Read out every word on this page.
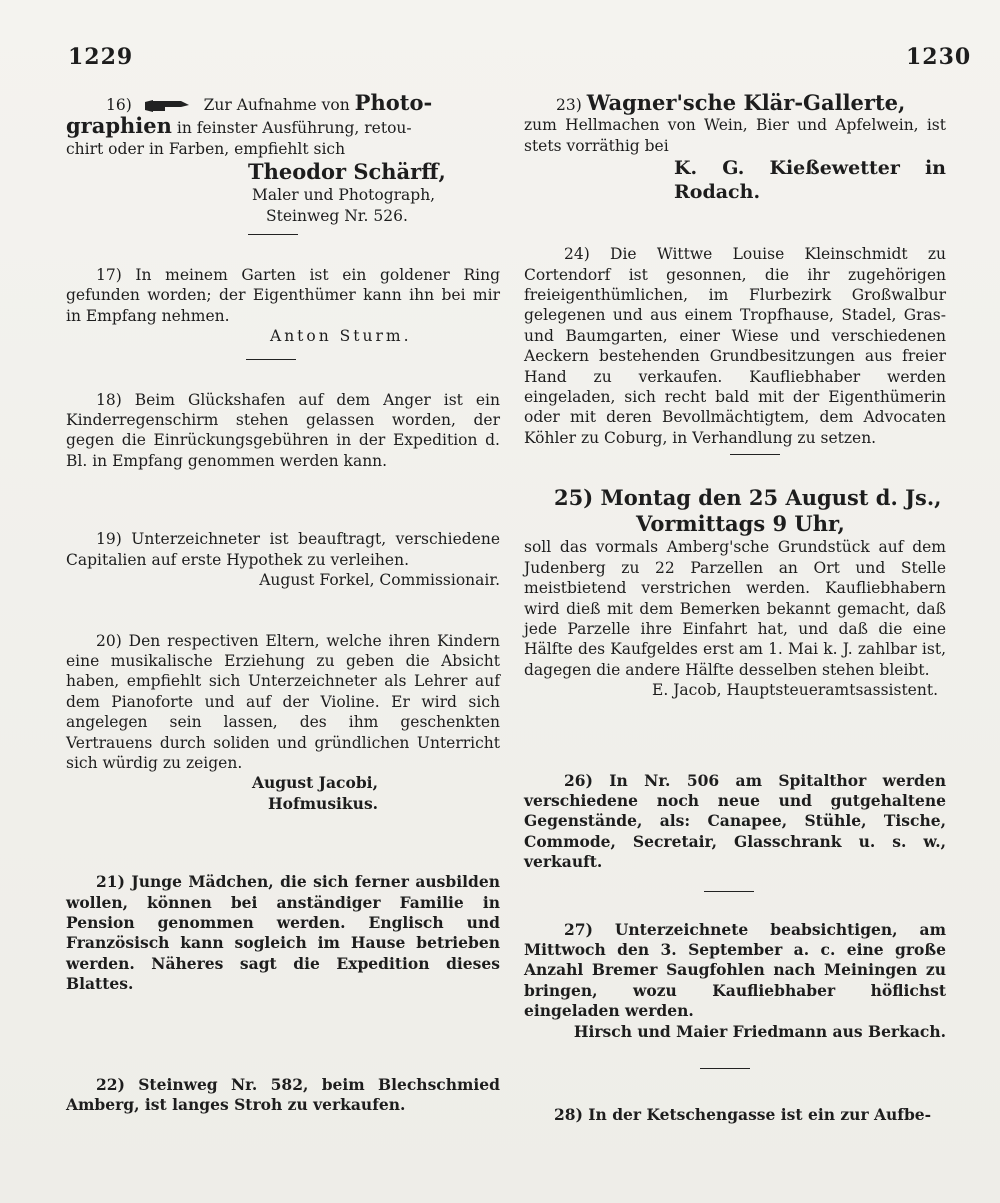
1229	1230
16)	Zur Aufnahme von Photo-
graphien in feinster Ausführung, retou-
chirt oder in Farben, empfiehlt sich
Theodor Schärff,
Maler und Photograph,
Steinweg Nr. 526.
17) In meinem Garten ist ein goldener Ring gefunden worden; der Eigenthümer kann ihn bei mir in Empfang nehmen.
Anton Sturm.
18) Beim Glückshafen auf dem Anger ist ein Kinderregenschirm stehen gelassen worden, der gegen die Einrückungsgebühren in der Expedition d. Bl. in Empfang genommen werden kann.
19) Unterzeichneter ist beauftragt, verschiedene Capitalien auf erste Hypothek zu verleihen.
August Forkel, Commissionair.
20) Den respectiven Eltern, welche ihren Kindern eine musikalische Erziehung zu geben die Absicht haben, empfiehlt sich Unterzeichneter als Lehrer auf dem Pianoforte und auf der Violine. Er wird sich angelegen sein lassen, des ihm geschenkten Vertrauens durch soliden und gründlichen Unterricht sich würdig zu zeigen.
August Jacobi,
Hofmusikus.
21) Junge Mädchen, die sich ferner ausbilden wollen, können bei anständiger Familie in Pension genommen werden. Englisch und Französisch kann sogleich im Hause betrieben werden. Näheres sagt die Expedition dieses Blattes.
22) Steinweg Nr. 582, beim Blechschmied Amberg, ist langes Stroh zu verkaufen.
23) Wagner'sche Klär-Gallerte,
zum Hellmachen von Wein, Bier und Apfelwein, ist stets vorräthig bei
K. G. Kießewetter in Rodach.
24) Die Wittwe Louise Kleinschmidt zu Cortendorf ist gesonnen, die ihr zugehörigen freieigenthümlichen, im Flurbezirk Großwalbur gelegenen und aus einem Tropfhause, Stadel, Gras- und Baumgarten, einer Wiese und verschiedenen Aeckern bestehenden Grundbesitzungen aus freier Hand zu verkaufen. Kaufliebhaber werden eingeladen, sich recht bald mit der Eigenthümerin oder mit deren Bevollmächtigtem, dem Advocaten Köhler zu Coburg, in Verhandlung zu setzen.
25) Montag den 25 August d. Js.,
Vormittags 9 Uhr,
soll das vormals Amberg'sche Grundstück auf dem Judenberg zu 22 Parzellen an Ort und Stelle meistbietend verstrichen werden. Kaufliebhabern wird dieß mit dem Bemerken bekannt gemacht, daß jede Parzelle ihre Einfahrt hat, und daß die eine Hälfte des Kaufgeldes erst am 1. Mai k. J. zahlbar ist, dagegen die andere Hälfte desselben stehen bleibt.
E. Jacob, Hauptsteueramtsassistent.
26) In Nr. 506 am Spitalthor werden verschiedene noch neue und gutgehaltene Gegenstände, als: Canapee, Stühle, Tische, Commode, Secretair, Glasschrank u. s. w., verkauft.
27) Unterzeichnete beabsichtigen, am Mittwoch den 3. September a. c. eine große Anzahl Bremer Saugfohlen nach Meiningen zu bringen, wozu Kaufliebhaber höflichst eingeladen werden.
Hirsch und Maier Friedmann aus Berkach.
28) In der Ketschengasse ist ein zur Aufbe-
